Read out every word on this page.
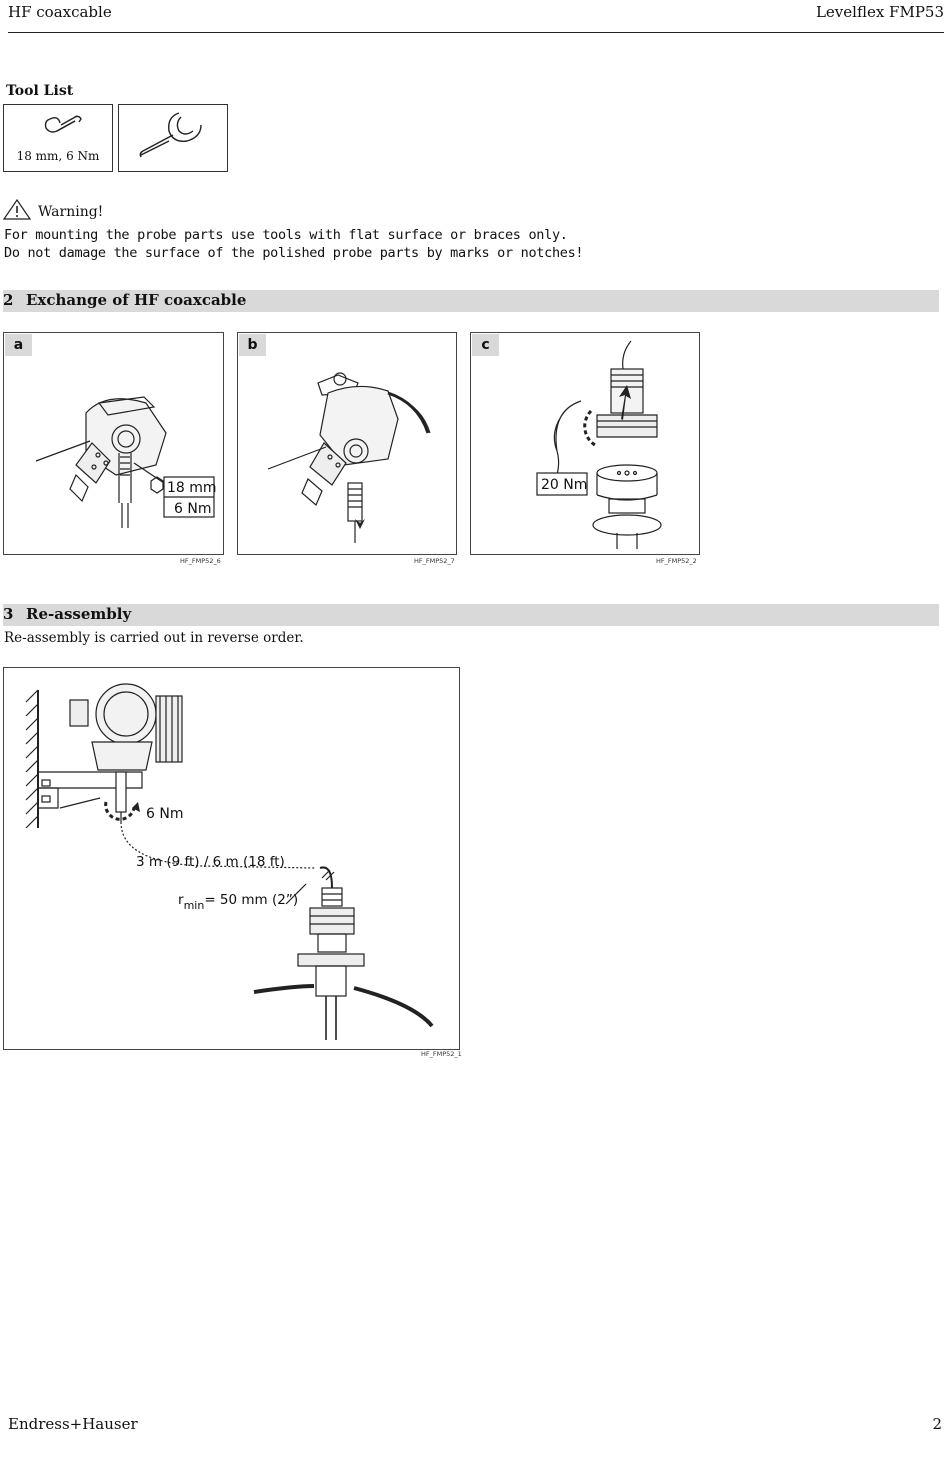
HF coaxcable	Levelflex FMP53
Tool List
18 mm, 6 Nm
Warning!
For mounting the probe parts use tools with flat surface or braces only.
Do not damage the surface of the polished probe parts by marks or notches!
2 Exchange of HF coaxcable
a
18 mm
6 Nm
HF_FMP52_6
b
HF_FMP52_7
c
20 Nm
HF_FMP52_2
3 Re-assembly
Re-assembly is carried out in reverse order.
6 Nm
3 m (9 ft) / 6 m (18 ft)
$r_{min}= 50$ mm (2”)
HF_FMP52_1
Endress+Hauser	2
